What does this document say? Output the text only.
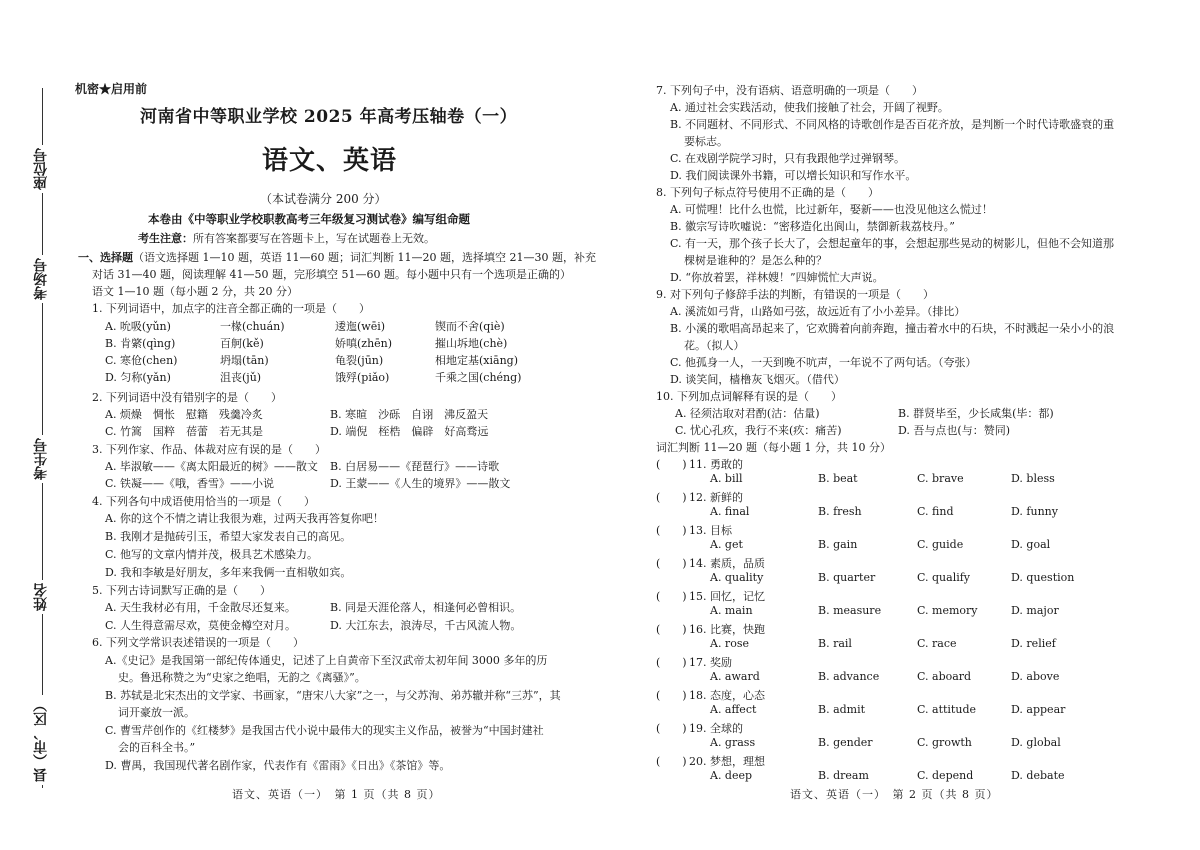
座位号
考场号
考生号
姓名
县（市、区）
机密★启用前
河南省中等职业学校 2025 年高考压轴卷（一）
语文、英语
（本试卷满分 200 分）
本卷由《中等职业学校职教高考三年级复习测试卷》编写组命题
考生注意：所有答案都要写在答题卡上，写在试题卷上无效。
一、选择题（语文选择题 1—10 题，英语 11—60 题；词汇判断 11—20 题，选择填空 21—30 题，补充
对话 31—40 题，阅读理解 41—50 题，完形填空 51—60 题。每小题中只有一个选项是正确的）
语文 1—10 题（每小题 2 分，共 20 分）
1. 下列词语中，加点字的注音全都正确的一项是（　　）
A. 吮吸(yǔn)	一椽(chuán)	逶迤(wēi)	锲而不舍(qiè)
B. 肯綮(qìng)	百舸(kě)	娇嗔(zhēn)	摧山坼地(chè)
C. 寒伧(chen)	坍塌(tān)	龟裂(jūn)	相地定基(xiāng)
D. 匀称(yǎn)	沮丧(jǔ)	饿殍(piǎo)	千乘之国(chéng)
2. 下列词语中没有错别字的是（　　）
A. 烦燥　惆怅　慰籍　残羹冷炙	B. 寒暄　沙砾　自诩　沸反盈天
C. 竹篙　国粹　蓓蕾　若无其是	D. 端倪　桎梏　偏辟　好高骛远
3. 下列作家、作品、体裁对应有误的是（　　）
A. 毕淑敏——《离太阳最近的树》——散文 B. 白居易——《琵琶行》——诗歌
C. 铁凝——《哦，香雪》——小说	D. 王蒙——《人生的境界》——散文
4. 下列各句中成语使用恰当的一项是（　　）
A. 你的这个不情之请让我很为难，过两天我再答复你吧！
B. 我刚才是抛砖引玉，希望大家发表自己的高见。
C. 他写的文章内情并茂，极具艺术感染力。
D. 我和李敏是好朋友，多年来我俩一直相敬如宾。
5. 下列古诗词默写正确的是（　　）
A. 天生我材必有用，千金散尽还复来。	B. 同是天涯伦落人，相逢何必曾相识。
C. 人生得意需尽欢，莫使金樽空对月。	D. 大江东去，浪涛尽，千古风流人物。
6. 下列文学常识表述错误的一项是（　　）
A.《史记》是我国第一部纪传体通史，记述了上自黄帝下至汉武帝太初年间 3000 多年的历
史。鲁迅称赞之为“史家之绝唱，无韵之《离骚》”。
B. 苏轼是北宋杰出的文学家、书画家，“唐宋八大家”之一，与父苏洵、弟苏辙并称“三苏”，其
词开豪放一派。
C. 曹雪芹创作的《红楼梦》是我国古代小说中最伟大的现实主义作品，被誉为“中国封建社
会的百科全书。”
D. 曹禺，我国现代著名剧作家，代表作有《雷雨》《日出》《茶馆》等。
语文、英语（一）　第 1 页（共 8 页）
7. 下列句子中，没有语病、语意明确的一项是（　　）
A. 通过社会实践活动，使我们接触了社会，开阔了视野。
B. 不同题材、不同形式、不同风格的诗歌创作是否百花齐放，是判断一个时代诗歌盛衰的重
要标志。
C. 在戏剧学院学习时，只有我跟他学过弹钢琴。
D. 我们阅读课外书籍，可以增长知识和写作水平。
8. 下列句子标点符号使用不正确的是（　　）
A. 可慌哩！比什么也慌，比过新年，娶新——也没见他这么慌过！
B. 徽宗写诗吹嘘说：“密移造化出阆山，禁御新栽荔枝丹。”
C. 有一天，那个孩子长大了，会想起童年的事，会想起那些晃动的树影儿，但他不会知道那
棵树是谁种的？是怎么种的？
D. “你放着罢，祥林嫂！”四婶慌忙大声说。
9. 对下列句子修辞手法的判断，有错误的一项是（　　）
A. 溪流如弓背，山路如弓弦，故远近有了小小差异。（排比）
B. 小溪的歌唱高昂起来了，它欢腾着向前奔跑，撞击着水中的石块，不时溅起一朵小小的浪
花。（拟人）
C. 他孤身一人，一天到晚不吭声，一年说不了两句话。（夸张）
D. 谈笑间，樯橹灰飞烟灭。（借代）
10. 下列加点词解释有误的是（　　）
A. 径须沽取对君酌(沽：估量)	B. 群贤毕至，少长咸集(毕：都)
C. 忧心孔疚，我行不来(疚：痛苦)	D. 吾与点也(与：赞同)
词汇判断 11—20 题（每小题 1 分，共 10 分）
(　　) 11. 勇敢的
A. bill	B. beat	C. brave	D. bless
(　　) 12. 新鲜的
A. final	B. fresh	C. find	D. funny
(　　) 13. 目标
A. get	B. gain	C. guide	D. goal
(　　) 14. 素质，品质
A. quality	B. quarter	C. qualify	D. question
(　　) 15. 回忆，记忆
A. main	B. measure	C. memory	D. major
(　　) 16. 比赛，快跑
A. rose	B. rail	C. race	D. relief
(　　) 17. 奖励
A. award	B. advance	C. aboard	D. above
(　　) 18. 态度，心态
A. affect	B. admit	C. attitude	D. appear
(　　) 19. 全球的
A. grass	B. gender	C. growth	D. global
(　　) 20. 梦想，理想
A. deep	B. dream	C. depend	D. debate
语文、英语（一）　第 2 页（共 8 页）
